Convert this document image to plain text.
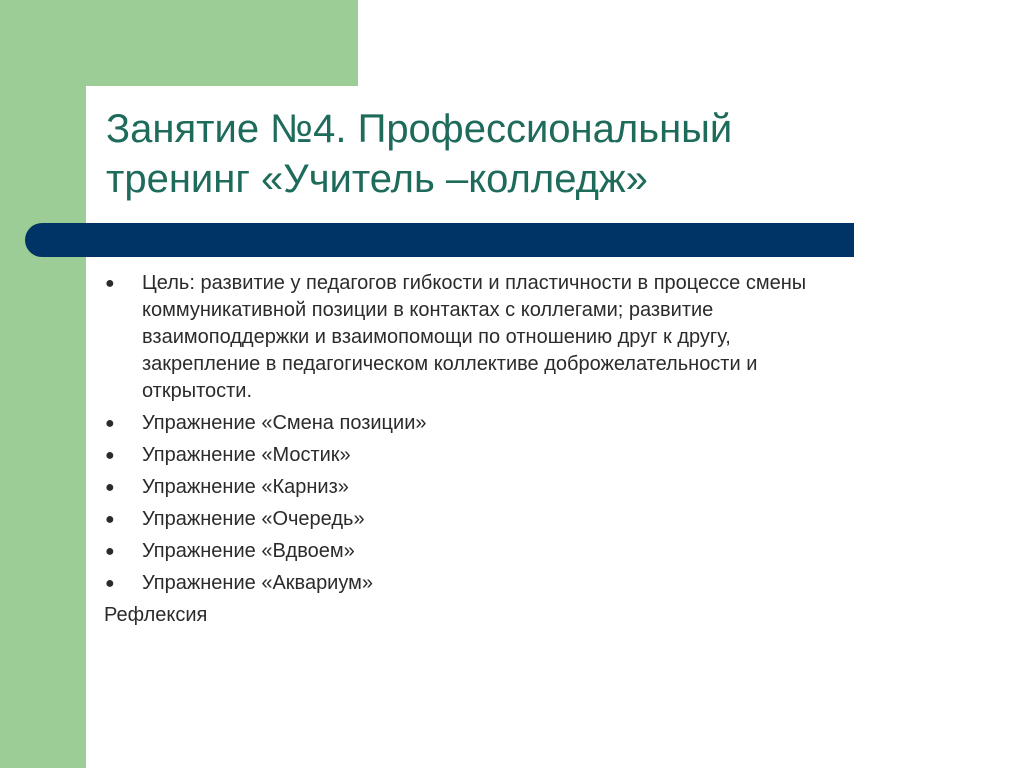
Занятие №4. Профессиональный
тренинг «Учитель –колледж»
● Цель: развитие у педагогов гибкости и пластичности в процессе смены
коммуникативной позиции в контактах с коллегами; развитие
взаимоподдержки и взаимопомощи по отношению друг к другу,
закрепление в педагогическом коллективе доброжелательности и
открытости.
● Упражнение «Смена позиции»
● Упражнение «Мостик»
● Упражнение «Карниз»
● Упражнение «Очередь»
● Упражнение «Вдвоем»
● Упражнение «Аквариум»
Рефлексия
